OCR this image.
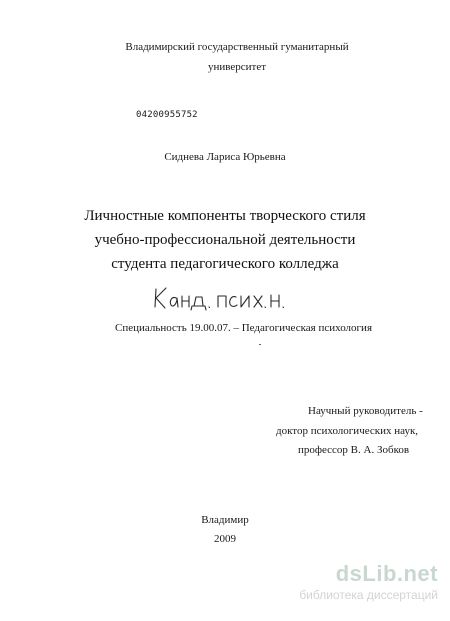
Владимирский государственный гуманитарный
университет
04200955752
Сиднева Лариса Юрьевна
Личностные компоненты творческого стиля
учебно-профессиональной деятельности
студента педагогического колледжа
Специальность 19.00.07. – Педагогическая психология
Научный руководитель -
доктор психологических наук,
профессор В. А. Зобков
Владимир
2009
dsLib.net
библиотека диссертаций
